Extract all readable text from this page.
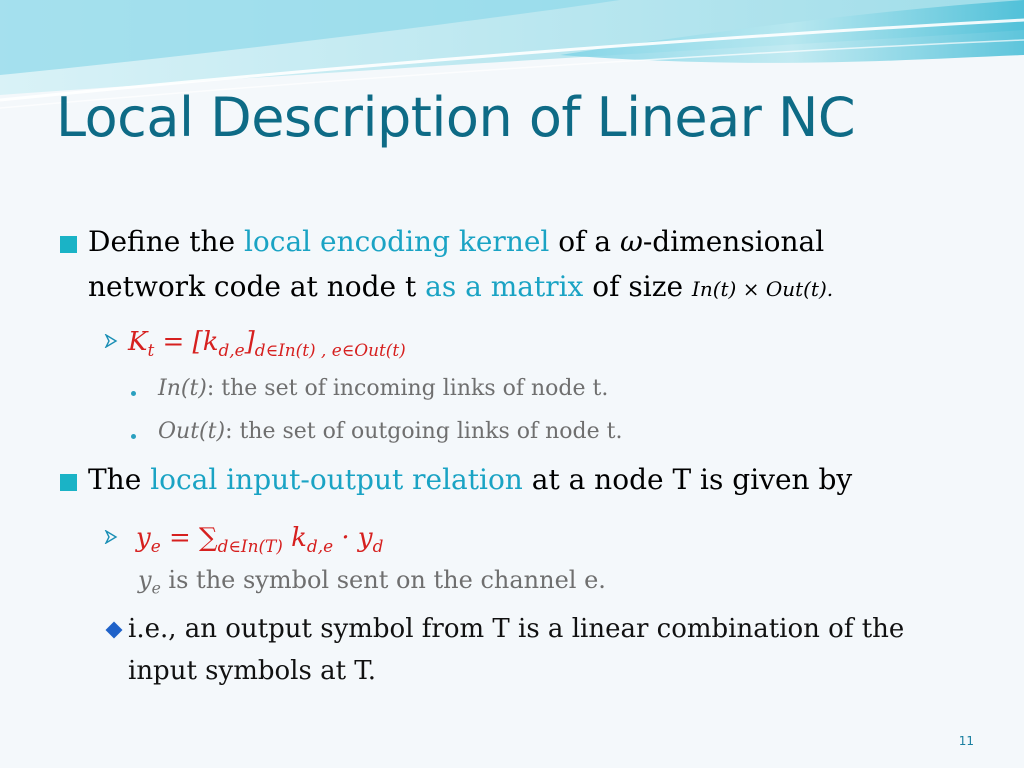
Local Description of Linear NC
Define the local encoding kernel of a ω-dimensional
network code at node t as a matrix of size In(t) × Out(t).
$K_t = [k_{d,e}]_{d\in In(t) , e\in Out(t)}$
In(t): the set of incoming links of node t.
Out(t): the set of outgoing links of node t.
The local input-output relation at a node T is given by
$y_e = \sum_{d\in In(T)}$ $k_{d,e} \cdot y_d$
$y_e$ is the symbol sent on the channel e.
i.e., an output symbol from T is a linear combination of the
input symbols at T.
11
